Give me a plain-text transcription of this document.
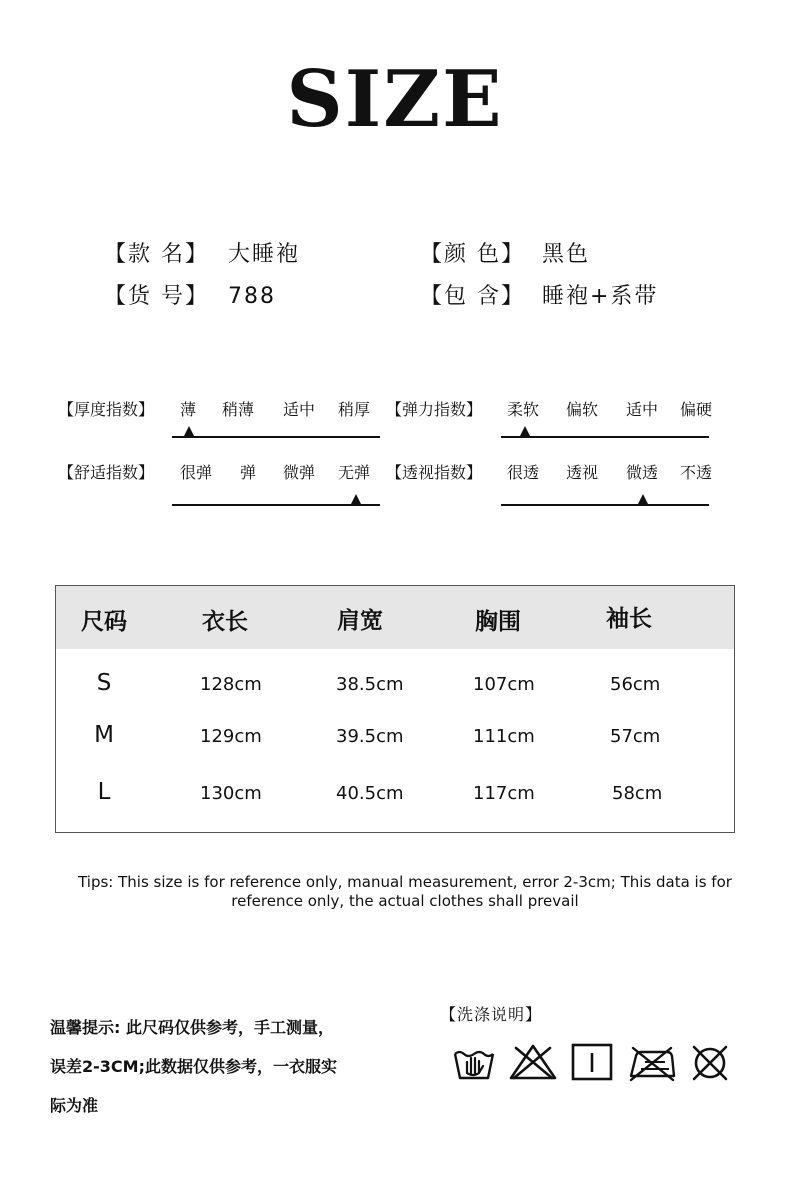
SIZE
【款 名】 大睡袍	【颜 色】 黑色
【货 号】 788	【包 含】 睡袍+系带
【厚度指数】 薄 稍薄 适中 稍厚 【弹力指数】 柔软 偏软 适中 偏硬
【舒适指数】 很弹 弹 微弹 无弹 【透视指数】 很透 透视 微透 不透
尺码	衣长	肩宽	胸围	袖长
S	128cm	38.5cm	107cm	56cm
M	129cm	39.5cm	111cm	57cm
L	130cm	40.5cm	117cm	58cm
Tips: This size is for reference only, manual measurement, error 2-3cm; This data is for
reference only, the actual clothes shall prevail
温馨提示: 此尺码仅供参考，手工测量，
误差2-3CM;此数据仅供参考，一衣服实
际为准
【洗涤说明】
